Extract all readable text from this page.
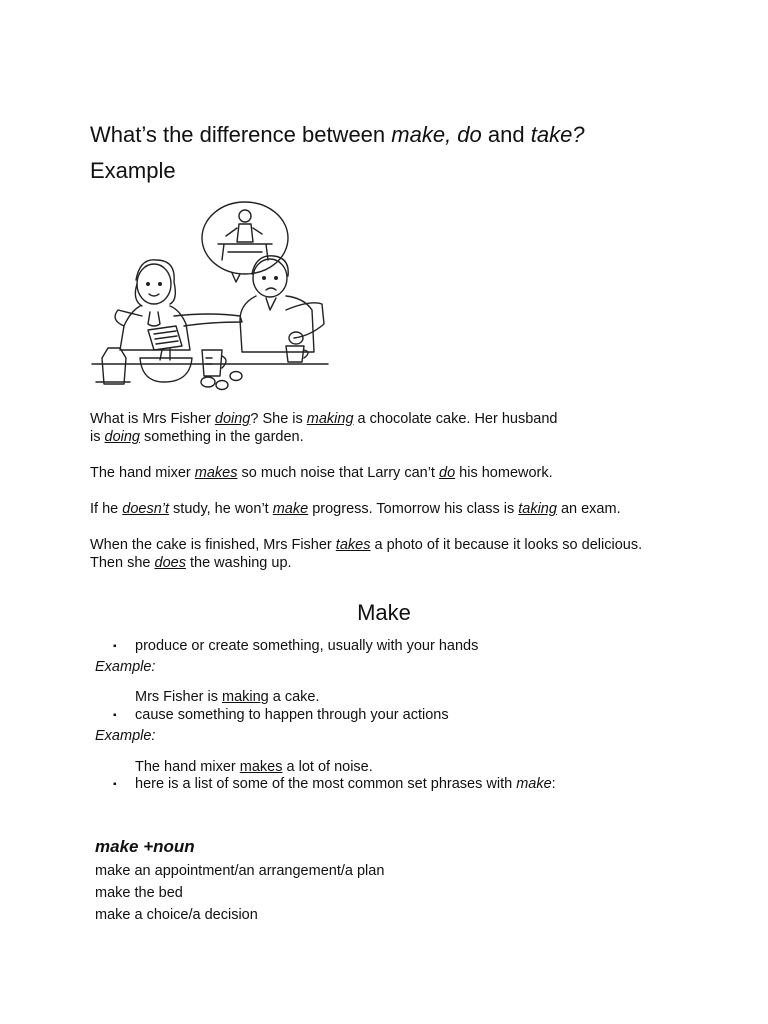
What’s the difference between make, do and take?
Example
What is Mrs Fisher doing? She is making a chocolate cake. Her husband
is doing something in the garden.
The hand mixer makes so much noise that Larry can’t do his homework.
If he doesn’t study, he won’t make progress. Tomorrow his class is taking an exam.
When the cake is finished, Mrs Fisher takes a photo of it because it looks so delicious.
Then she does the washing up.
Make
▪ produce or create something, usually with your hands
Example:
Mrs Fisher is making a cake.
▪ cause something to happen through your actions
Example:
The hand mixer makes a lot of noise.
▪ here is a list of some of the most common set phrases with make:
make +noun
make an appointment/an arrangement/a plan
make the bed
make a choice/a decision
